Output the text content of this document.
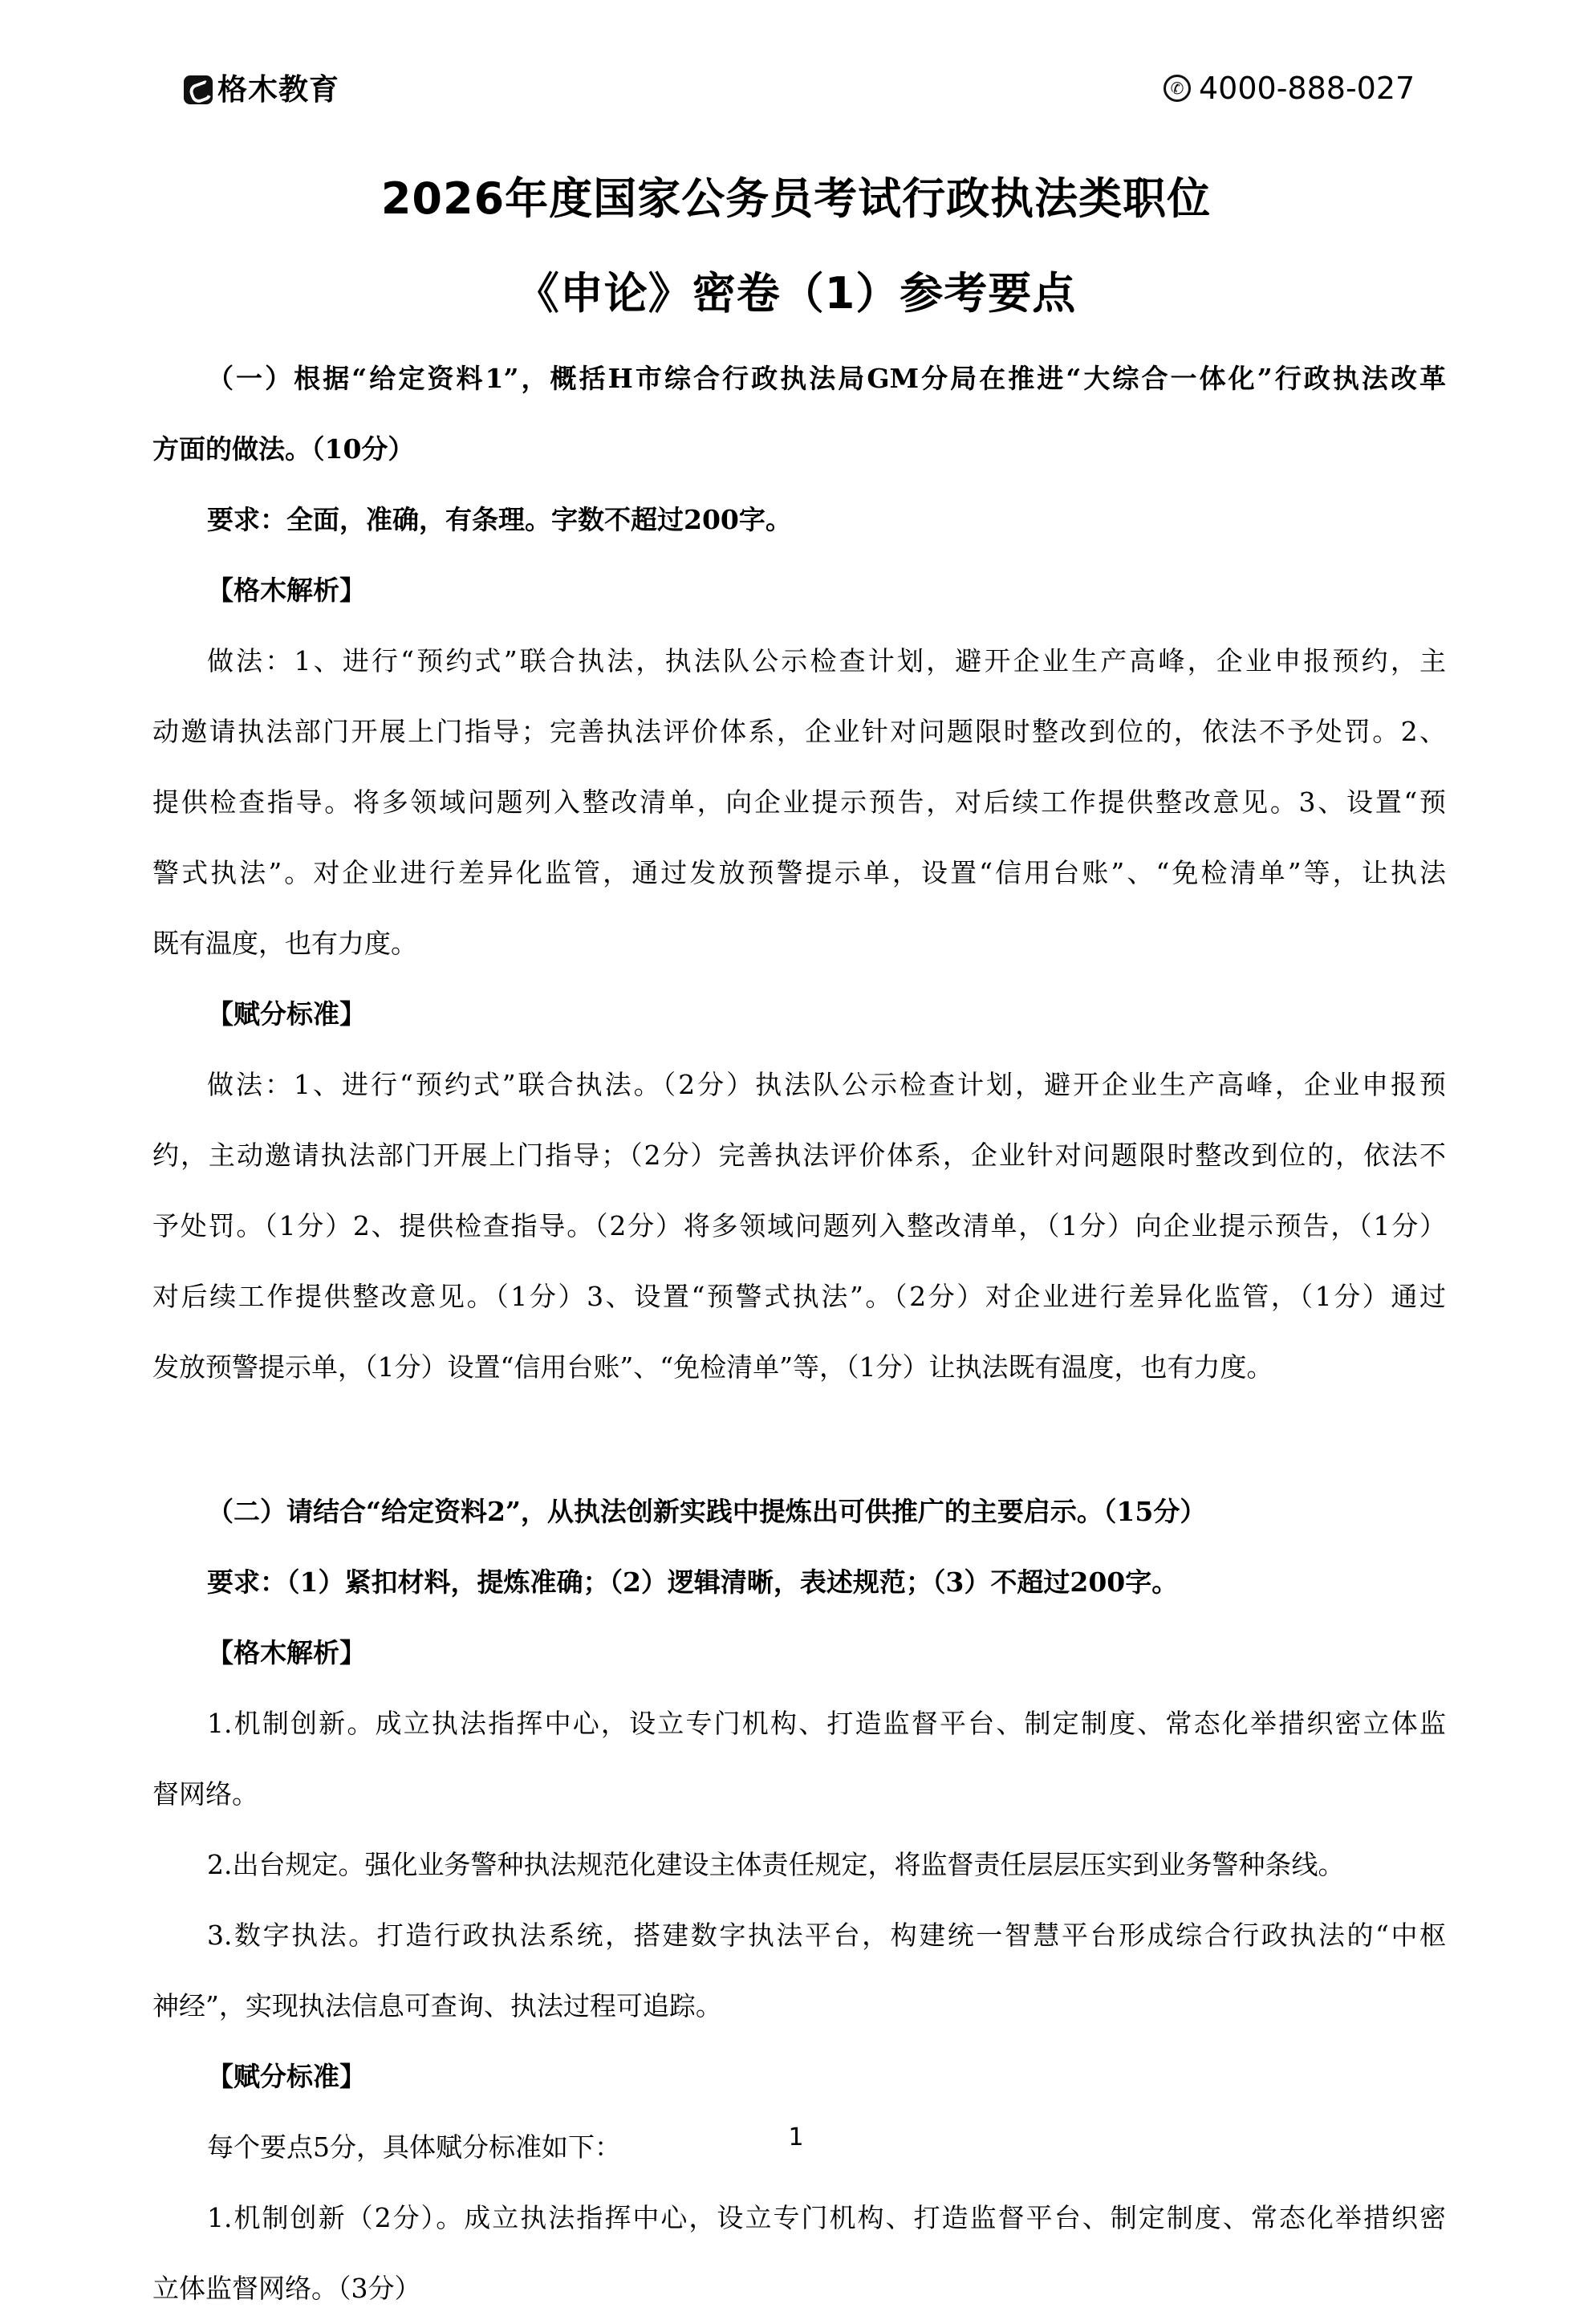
格木教育	✆ 4000-888-027
2026年度国家公务员考试行政执法类职位
《申论》密卷（1）参考要点
（一）根据“给定资料1”，概括H市综合行政执法局GM分局在推进“大综合一体化”行政执法改革
方面的做法。（10分）
要求：全面，准确，有条理。字数不超过200字。
【格木解析】
做法：1、进行“预约式”联合执法，执法队公示检查计划，避开企业生产高峰，企业申报预约，主
动邀请执法部门开展上门指导；完善执法评价体系，企业针对问题限时整改到位的，依法不予处罚。2、
提供检查指导。将多领域问题列入整改清单，向企业提示预告，对后续工作提供整改意见。3、设置“预
警式执法”。对企业进行差异化监管，通过发放预警提示单，设置“信用台账”、“免检清单”等，让执法
既有温度，也有力度。
【赋分标准】
做法：1、进行“预约式”联合执法。（2分）执法队公示检查计划，避开企业生产高峰，企业申报预
约，主动邀请执法部门开展上门指导；（2分）完善执法评价体系，企业针对问题限时整改到位的，依法不
予处罚。（1分）2、提供检查指导。（2分）将多领域问题列入整改清单，（1分）向企业提示预告，（1分）
对后续工作提供整改意见。（1分）3、设置“预警式执法”。（2分）对企业进行差异化监管，（1分）通过
发放预警提示单，（1分）设置“信用台账”、“免检清单”等，（1分）让执法既有温度，也有力度。
（二）请结合“给定资料2”，从执法创新实践中提炼出可供推广的主要启示。（15分）
要求：（1）紧扣材料，提炼准确；（2）逻辑清晰，表述规范；（3）不超过200字。
【格木解析】
1.机制创新。成立执法指挥中心，设立专门机构、打造监督平台、制定制度、常态化举措织密立体监
督网络。
2.出台规定。强化业务警种执法规范化建设主体责任规定，将监督责任层层压实到业务警种条线。
3.数字执法。打造行政执法系统，搭建数字执法平台，构建统一智慧平台形成综合行政执法的“中枢
神经”，实现执法信息可查询、执法过程可追踪。
【赋分标准】
每个要点5分，具体赋分标准如下：
1.机制创新（2分）。成立执法指挥中心，设立专门机构、打造监督平台、制定制度、常态化举措织密
立体监督网络。（3分）
1
